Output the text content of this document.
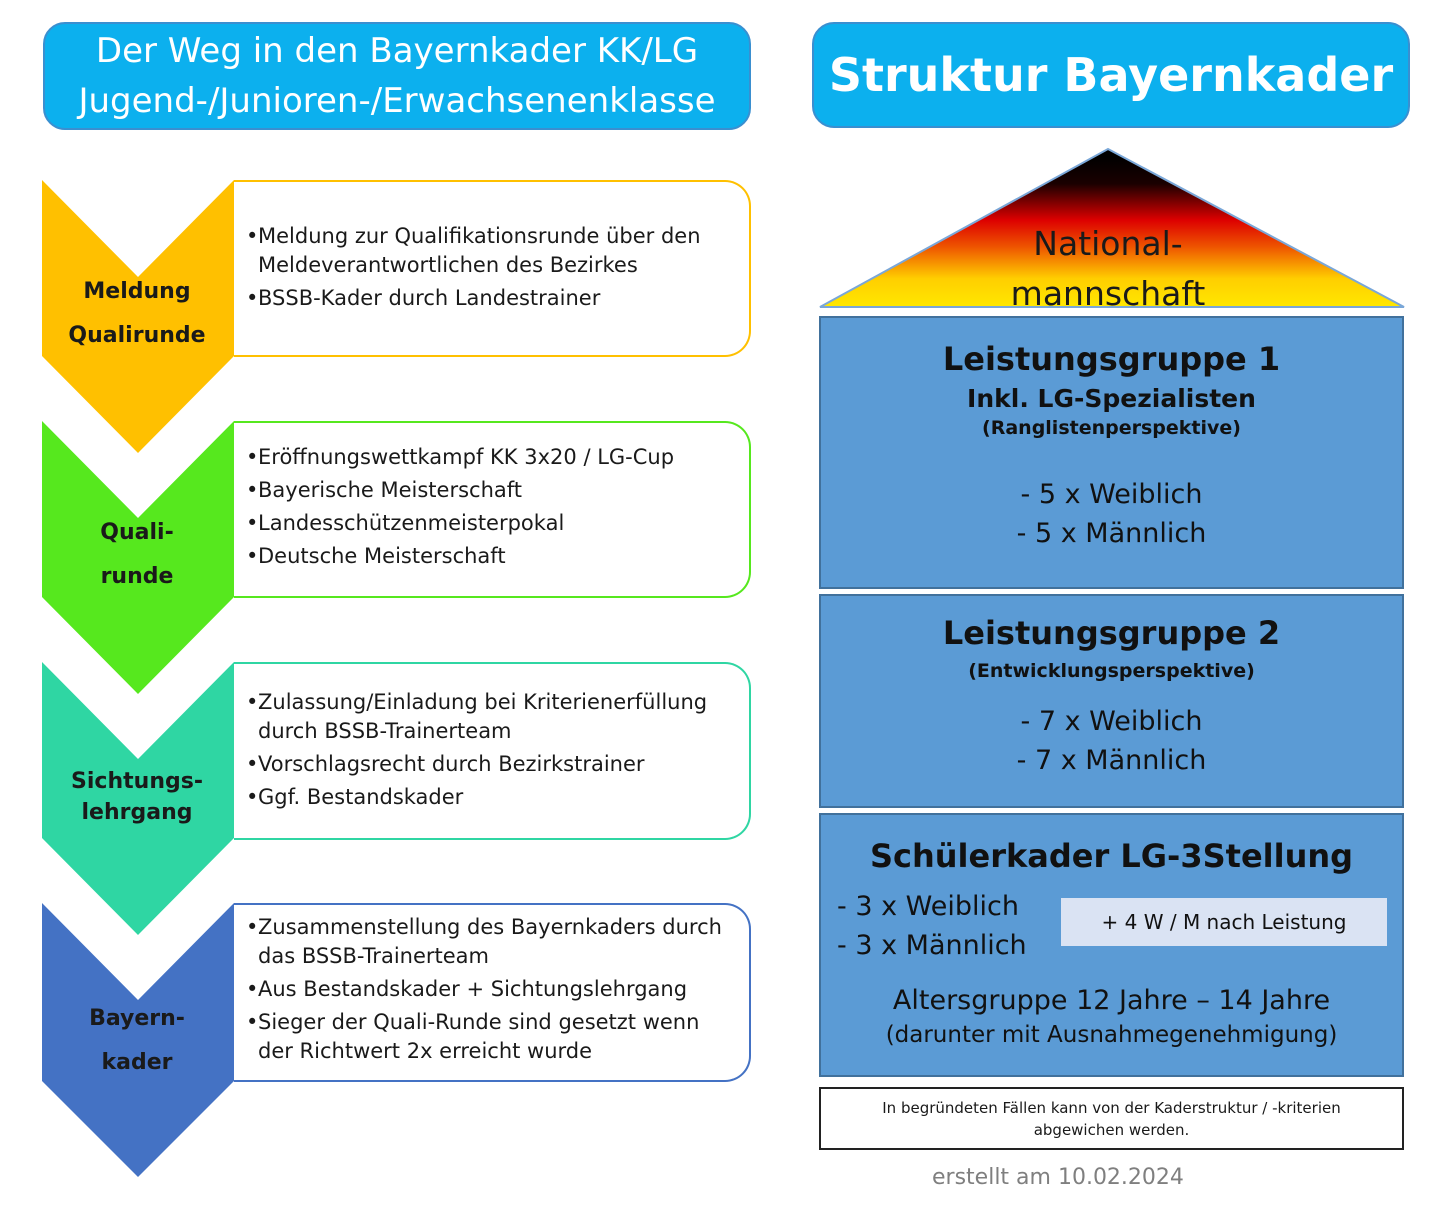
Der Weg in den Bayernkader KK/LG
Jugend-/Junioren-/Erwachsenenklasse
Meldung
Qualirunde
• Meldung zur Qualifikationsrunde über den Meldeverantwortlichen des Bezirkes
• BSSB-Kader durch Landestrainer
Quali-
runde
• Eröffnungswettkampf KK 3x20 / LG-Cup
• Bayerische Meisterschaft
• Landesschützenmeisterpokal
• Deutsche Meisterschaft
Sichtungs-
lehrgang
• Zulassung/Einladung bei Kriterienerfüllung durch BSSB-Trainerteam
• Vorschlagsrecht durch Bezirkstrainer
• Ggf. Bestandskader
Bayern-
kader
• Zusammenstellung des Bayernkaders durch das BSSB-Trainerteam
• Aus Bestandskader + Sichtungslehrgang
• Sieger der Quali-Runde sind gesetzt wenn der Richtwert 2x erreicht wurde
Struktur Bayernkader
National-
mannschaft
Leistungsgruppe 1
Inkl. LG-Spezialisten
(Ranglistenperspektive)
- 5 x Weiblich
- 5 x Männlich
Leistungsgruppe 2
(Entwicklungsperspektive)
- 7 x Weiblich
- 7 x Männlich
Schülerkader LG-3Stellung
- 3 x Weiblich
- 3 x Männlich
+ 4 W / M nach Leistung
Altersgruppe 12 Jahre – 14 Jahre
(darunter mit Ausnahmegenehmigung)
In begründeten Fällen kann von der Kaderstruktur / -kriterien
abgewichen werden.
erstellt am 10.02.2024
